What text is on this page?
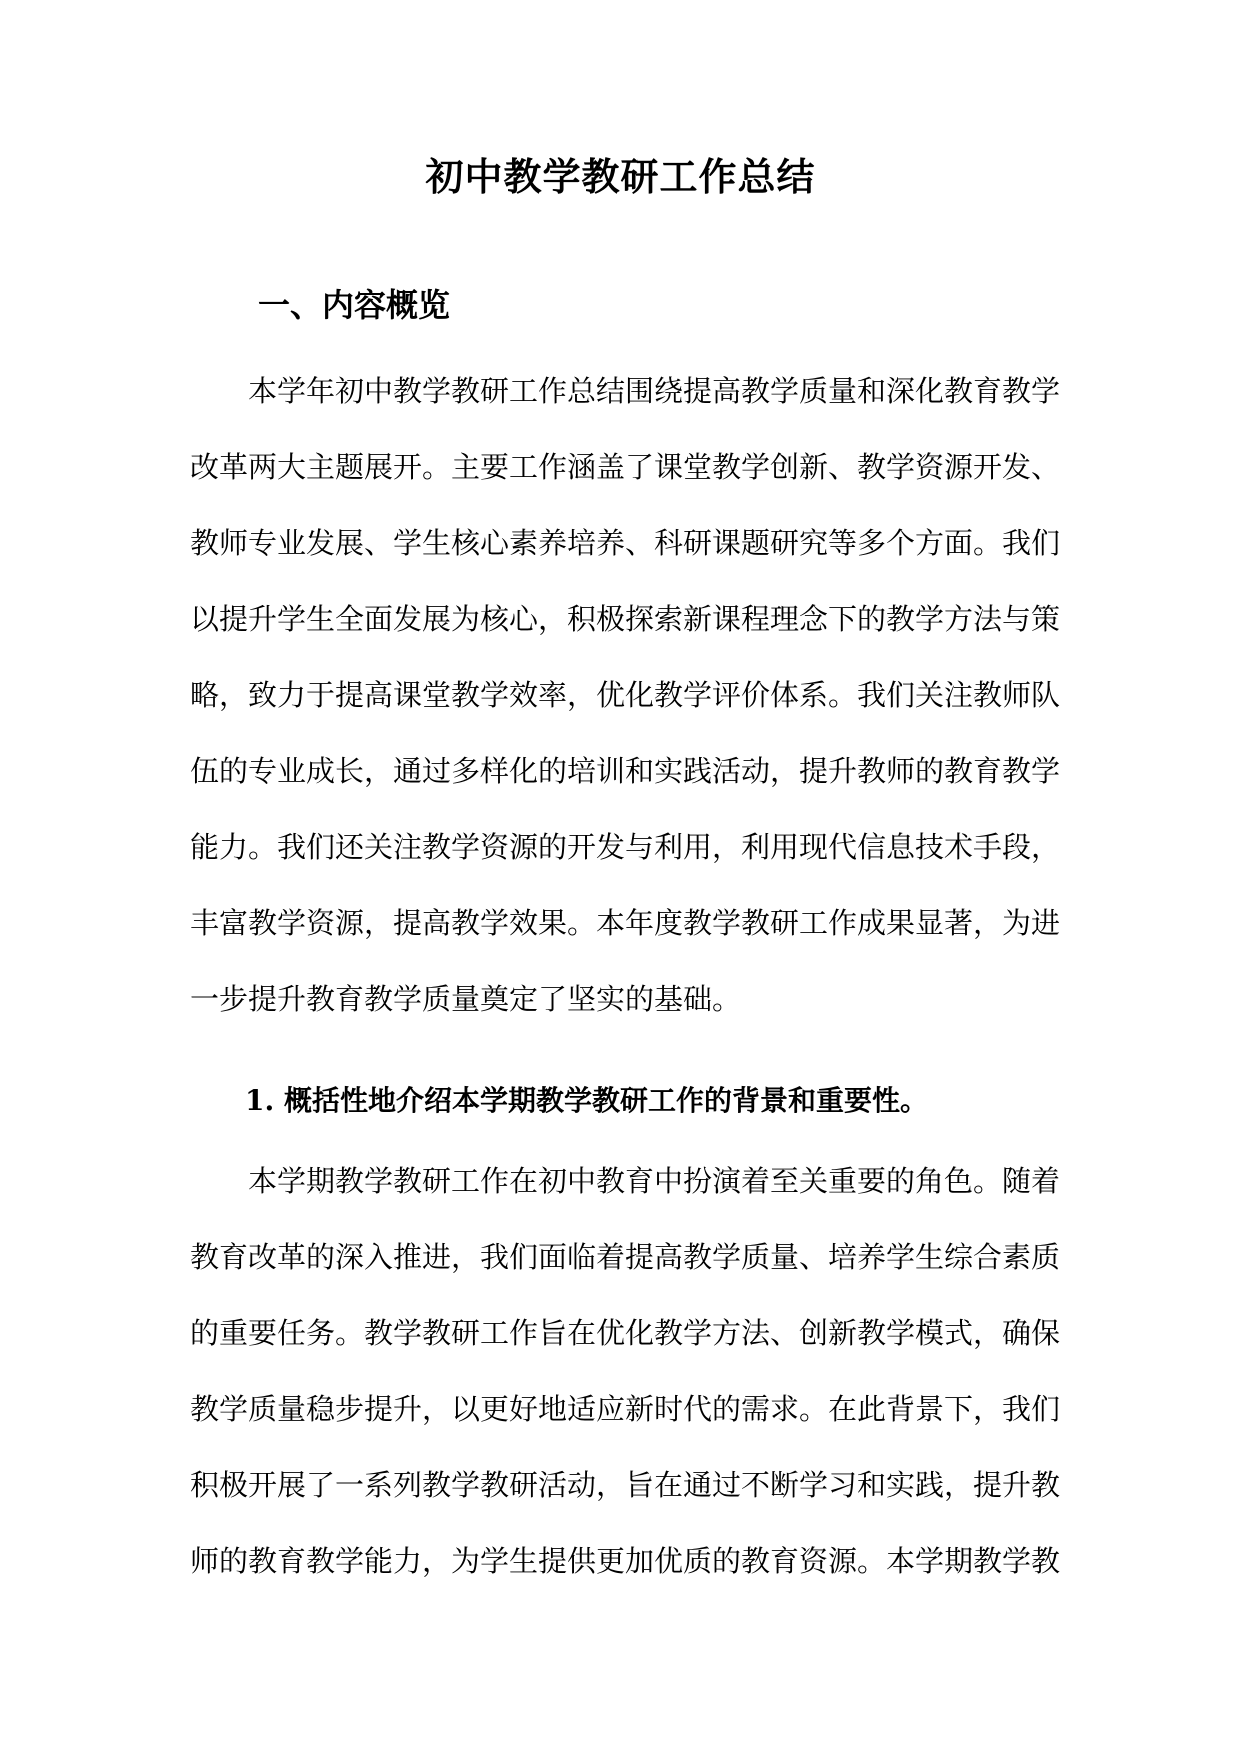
初中教学教研工作总结
一、内容概览

本学年初中教学教研工作总结围绕提高教学质量和深化教育教学改革两大主题展开。主要工作涵盖了课堂教学创新、教学资源开发、教师专业发展、学生核心素养培养、科研课题研究等多个方面。我们以提升学生全面发展为核心，积极探索新课程理念下的教学方法与策略，致力于提高课堂教学效率，优化教学评价体系。我们关注教师队伍的专业成长，通过多样化的培训和实践活动，提升教师的教育教学能力。我们还关注教学资源的开发与利用，利用现代信息技术手段，丰富教学资源，提高教学效果。本年度教学教研工作成果显著，为进一步提升教育教学质量奠定了坚实的基础。

1. 概括性地介绍本学期教学教研工作的背景和重要性。

本学期教学教研工作在初中教育中扮演着至关重要的角色。随着教育改革的深入推进，我们面临着提高教学质量、培养学生综合素质的重要任务。教学教研工作旨在优化教学方法、创新教学模式，确保教学质量稳步提升，以更好地适应新时代的需求。在此背景下，我们积极开展了一系列教学教研活动，旨在通过不断学习和实践，提升教师的教育教学能力，为学生提供更加优质的教育资源。本学期教学教
